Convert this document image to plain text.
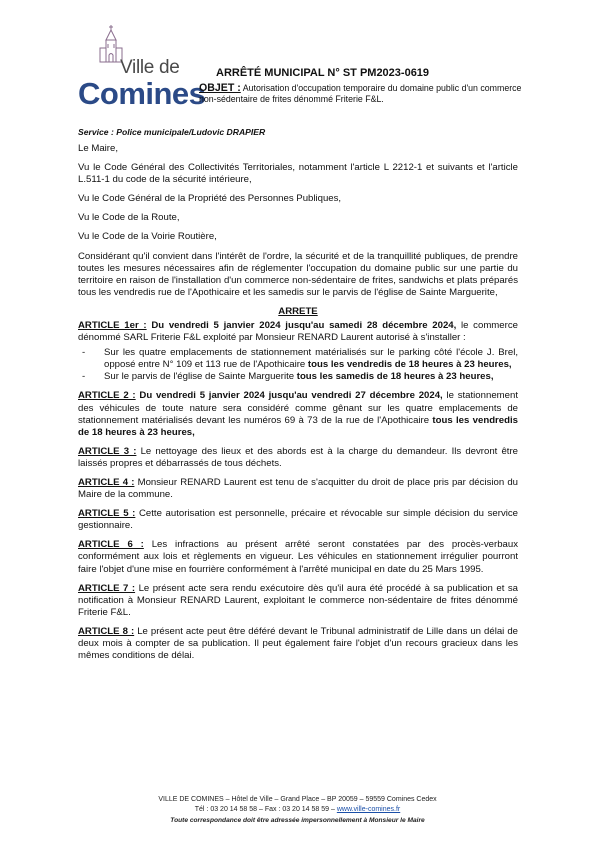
Ville de
Comines
ARRÊTÉ MUNICIPAL N° ST PM2023-0619
OBJET : Autorisation d'occupation temporaire du domaine public d'un commerce non-sédentaire de frites dénommé Friterie F&L.
Service : Police municipale/Ludovic DRAPIER

Le Maire,

Vu le Code Général des Collectivités Territoriales, notamment l'article L 2212-1 et suivants et l'article L.511-1 du code de la sécurité intérieure,

Vu le Code Général de la Propriété des Personnes Publiques,

Vu le Code de la Route,

Vu le Code de la Voirie Routière,

Considérant qu'il convient dans l'intérêt de l'ordre, la sécurité et de la tranquillité publiques, de prendre toutes les mesures nécessaires afin de réglementer l'occupation du domaine public sur une partie du territoire en raison de l'installation d'un commerce non-sédentaire de frites, sandwichs et plats préparés tous les vendredis rue de l'Apothicaire et les samedis sur le parvis de l'église de Sainte Marguerite,

ARRETE

ARTICLE 1er : Du vendredi 5 janvier 2024 jusqu'au samedi 28 décembre 2024, le commerce dénommé SARL Friterie F&L exploité par Monsieur RENARD Laurent autorisé à s'installer :

- Sur les quatre emplacements de stationnement matérialisés sur le parking côté l'école J. Brel, opposé entre N° 109 et 113 rue de l'Apothicaire tous les vendredis de 18 heures à 23 heures,
- Sur le parvis de l'église de Sainte Marguerite tous les samedis de 18 heures à 23 heures,

ARTICLE 2 : Du vendredi 5 janvier 2024 jusqu'au vendredi 27 décembre 2024, le stationnement des véhicules de toute nature sera considéré comme gênant sur les quatre emplacements de stationnement matérialisés devant les numéros 69 à 73 de la rue de l'Apothicaire tous les vendredis de 18 heures à 23 heures,

ARTICLE 3 : Le nettoyage des lieux et des abords est à la charge du demandeur. Ils devront être laissés propres et débarrassés de tous déchets.

ARTICLE 4 : Monsieur RENARD Laurent est tenu de s'acquitter du droit de place pris par décision du Maire de la commune.

ARTICLE 5 : Cette autorisation est personnelle, précaire et révocable sur simple décision du service gestionnaire.

ARTICLE 6 : Les infractions au présent arrêté seront constatées par des procès-verbaux conformément aux lois et règlements en vigueur. Les véhicules en stationnement irrégulier pourront faire l'objet d'une mise en fourrière conformément à l'arrêté municipal en date du 25 Mars 1995.

ARTICLE 7 : Le présent acte sera rendu exécutoire dès qu'il aura été procédé à sa publication et sa notification à Monsieur RENARD Laurent, exploitant le commerce non-sédentaire de frites dénommé Friterie F&L.

ARTICLE 8 : Le présent acte peut être déféré devant le Tribunal administratif de Lille dans un délai de deux mois à compter de sa publication. Il peut également faire l'objet d'un recours gracieux dans les mêmes conditions de délai.

VILLE DE COMINES – Hôtel de Ville – Grand Place – BP 20059 – 59559 Comines Cedex
Tél : 03 20 14 58 58 – Fax : 03 20 14 58 59 – www.ville-comines.fr
Toute correspondance doit être adressée impersonnellement à Monsieur le Maire
